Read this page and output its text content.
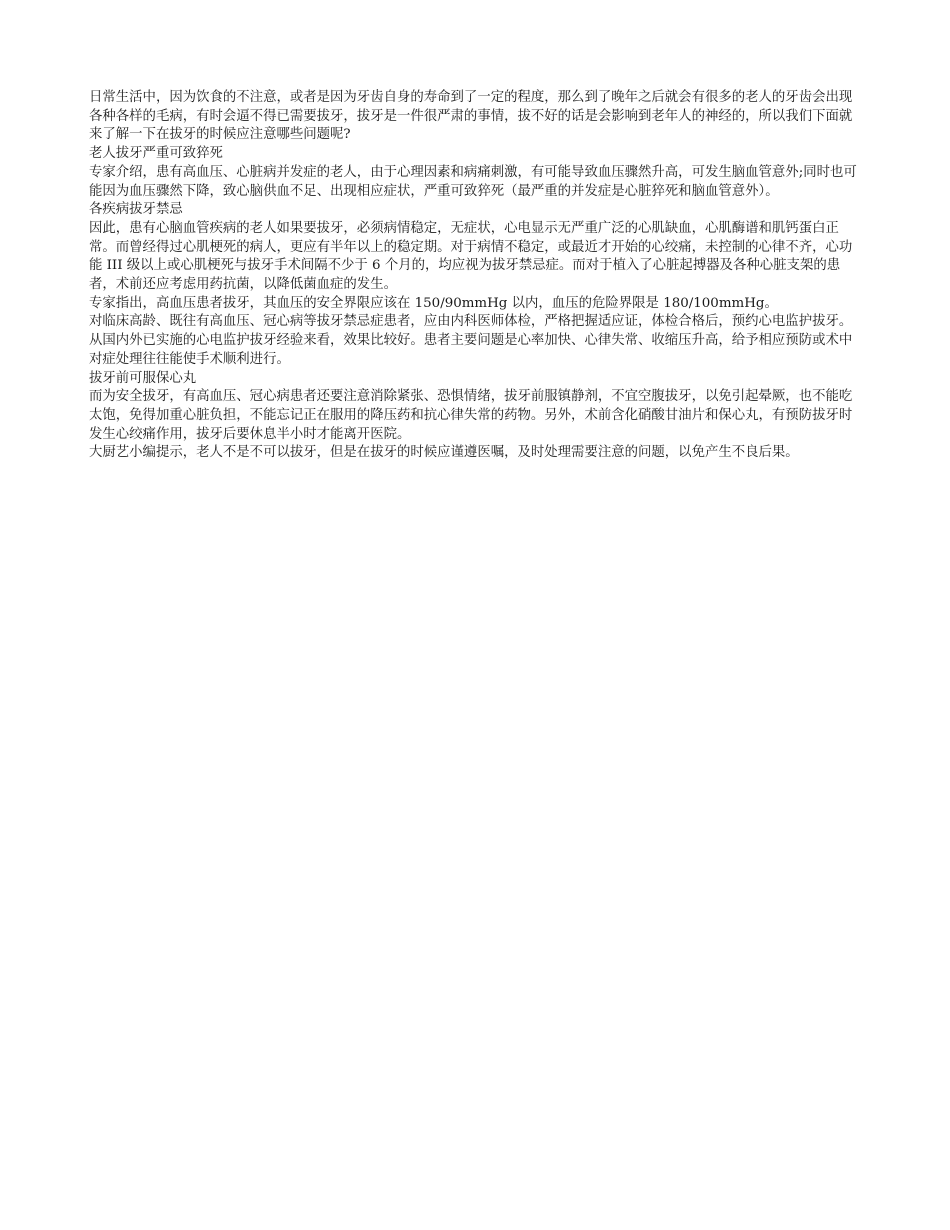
日常生活中，因为饮食的不注意，或者是因为牙齿自身的寿命到了一定的程度，那么到了晚年之后就会有很多的老人的牙齿会出现各种各样的毛病，有时会逼不得已需要拔牙，拔牙是一件很严肃的事情，拔不好的话是会影响到老年人的神经的，所以我们下面就来了解一下在拔牙的时候应注意哪些问题呢?

老人拔牙严重可致猝死

专家介绍，患有高血压、心脏病并发症的老人，由于心理因素和病痛刺激，有可能导致血压骤然升高，可发生脑血管意外;同时也可能因为血压骤然下降，致心脑供血不足、出现相应症状，严重可致猝死（最严重的并发症是心脏猝死和脑血管意外）。

各疾病拔牙禁忌

因此，患有心脑血管疾病的老人如果要拔牙，必须病情稳定，无症状，心电显示无严重广泛的心肌缺血，心肌酶谱和肌钙蛋白正常。而曾经得过心肌梗死的病人，更应有半年以上的稳定期。对于病情不稳定，或最近才开始的心绞痛，未控制的心律不齐，心功能 III 级以上或心肌梗死与拔牙手术间隔不少于 6 个月的，均应视为拔牙禁忌症。而对于植入了心脏起搏器及各种心脏支架的患者，术前还应考虑用药抗菌，以降低菌血症的发生。

专家指出，高血压患者拔牙，其血压的安全界限应该在 150/90mmHg 以内，血压的危险界限是 180/100mmHg。

对临床高龄、既往有高血压、冠心病等拔牙禁忌症患者，应由内科医师体检，严格把握适应证，体检合格后，预约心电监护拔牙。从国内外已实施的心电监护拔牙经验来看，效果比较好。患者主要问题是心率加快、心律失常、收缩压升高，给予相应预防或术中对症处理往往能使手术顺利进行。

拔牙前可服保心丸

而为安全拔牙，有高血压、冠心病患者还要注意消除紧张、恐惧情绪，拔牙前服镇静剂，不宜空腹拔牙，以免引起晕厥，也不能吃太饱，免得加重心脏负担，不能忘记正在服用的降压药和抗心律失常的药物。另外，术前含化硝酸甘油片和保心丸，有预防拔牙时发生心绞痛作用，拔牙后要休息半小时才能离开医院。

大厨艺小编提示，老人不是不可以拔牙，但是在拔牙的时候应谨遵医嘱，及时处理需要注意的问题，以免产生不良后果。
